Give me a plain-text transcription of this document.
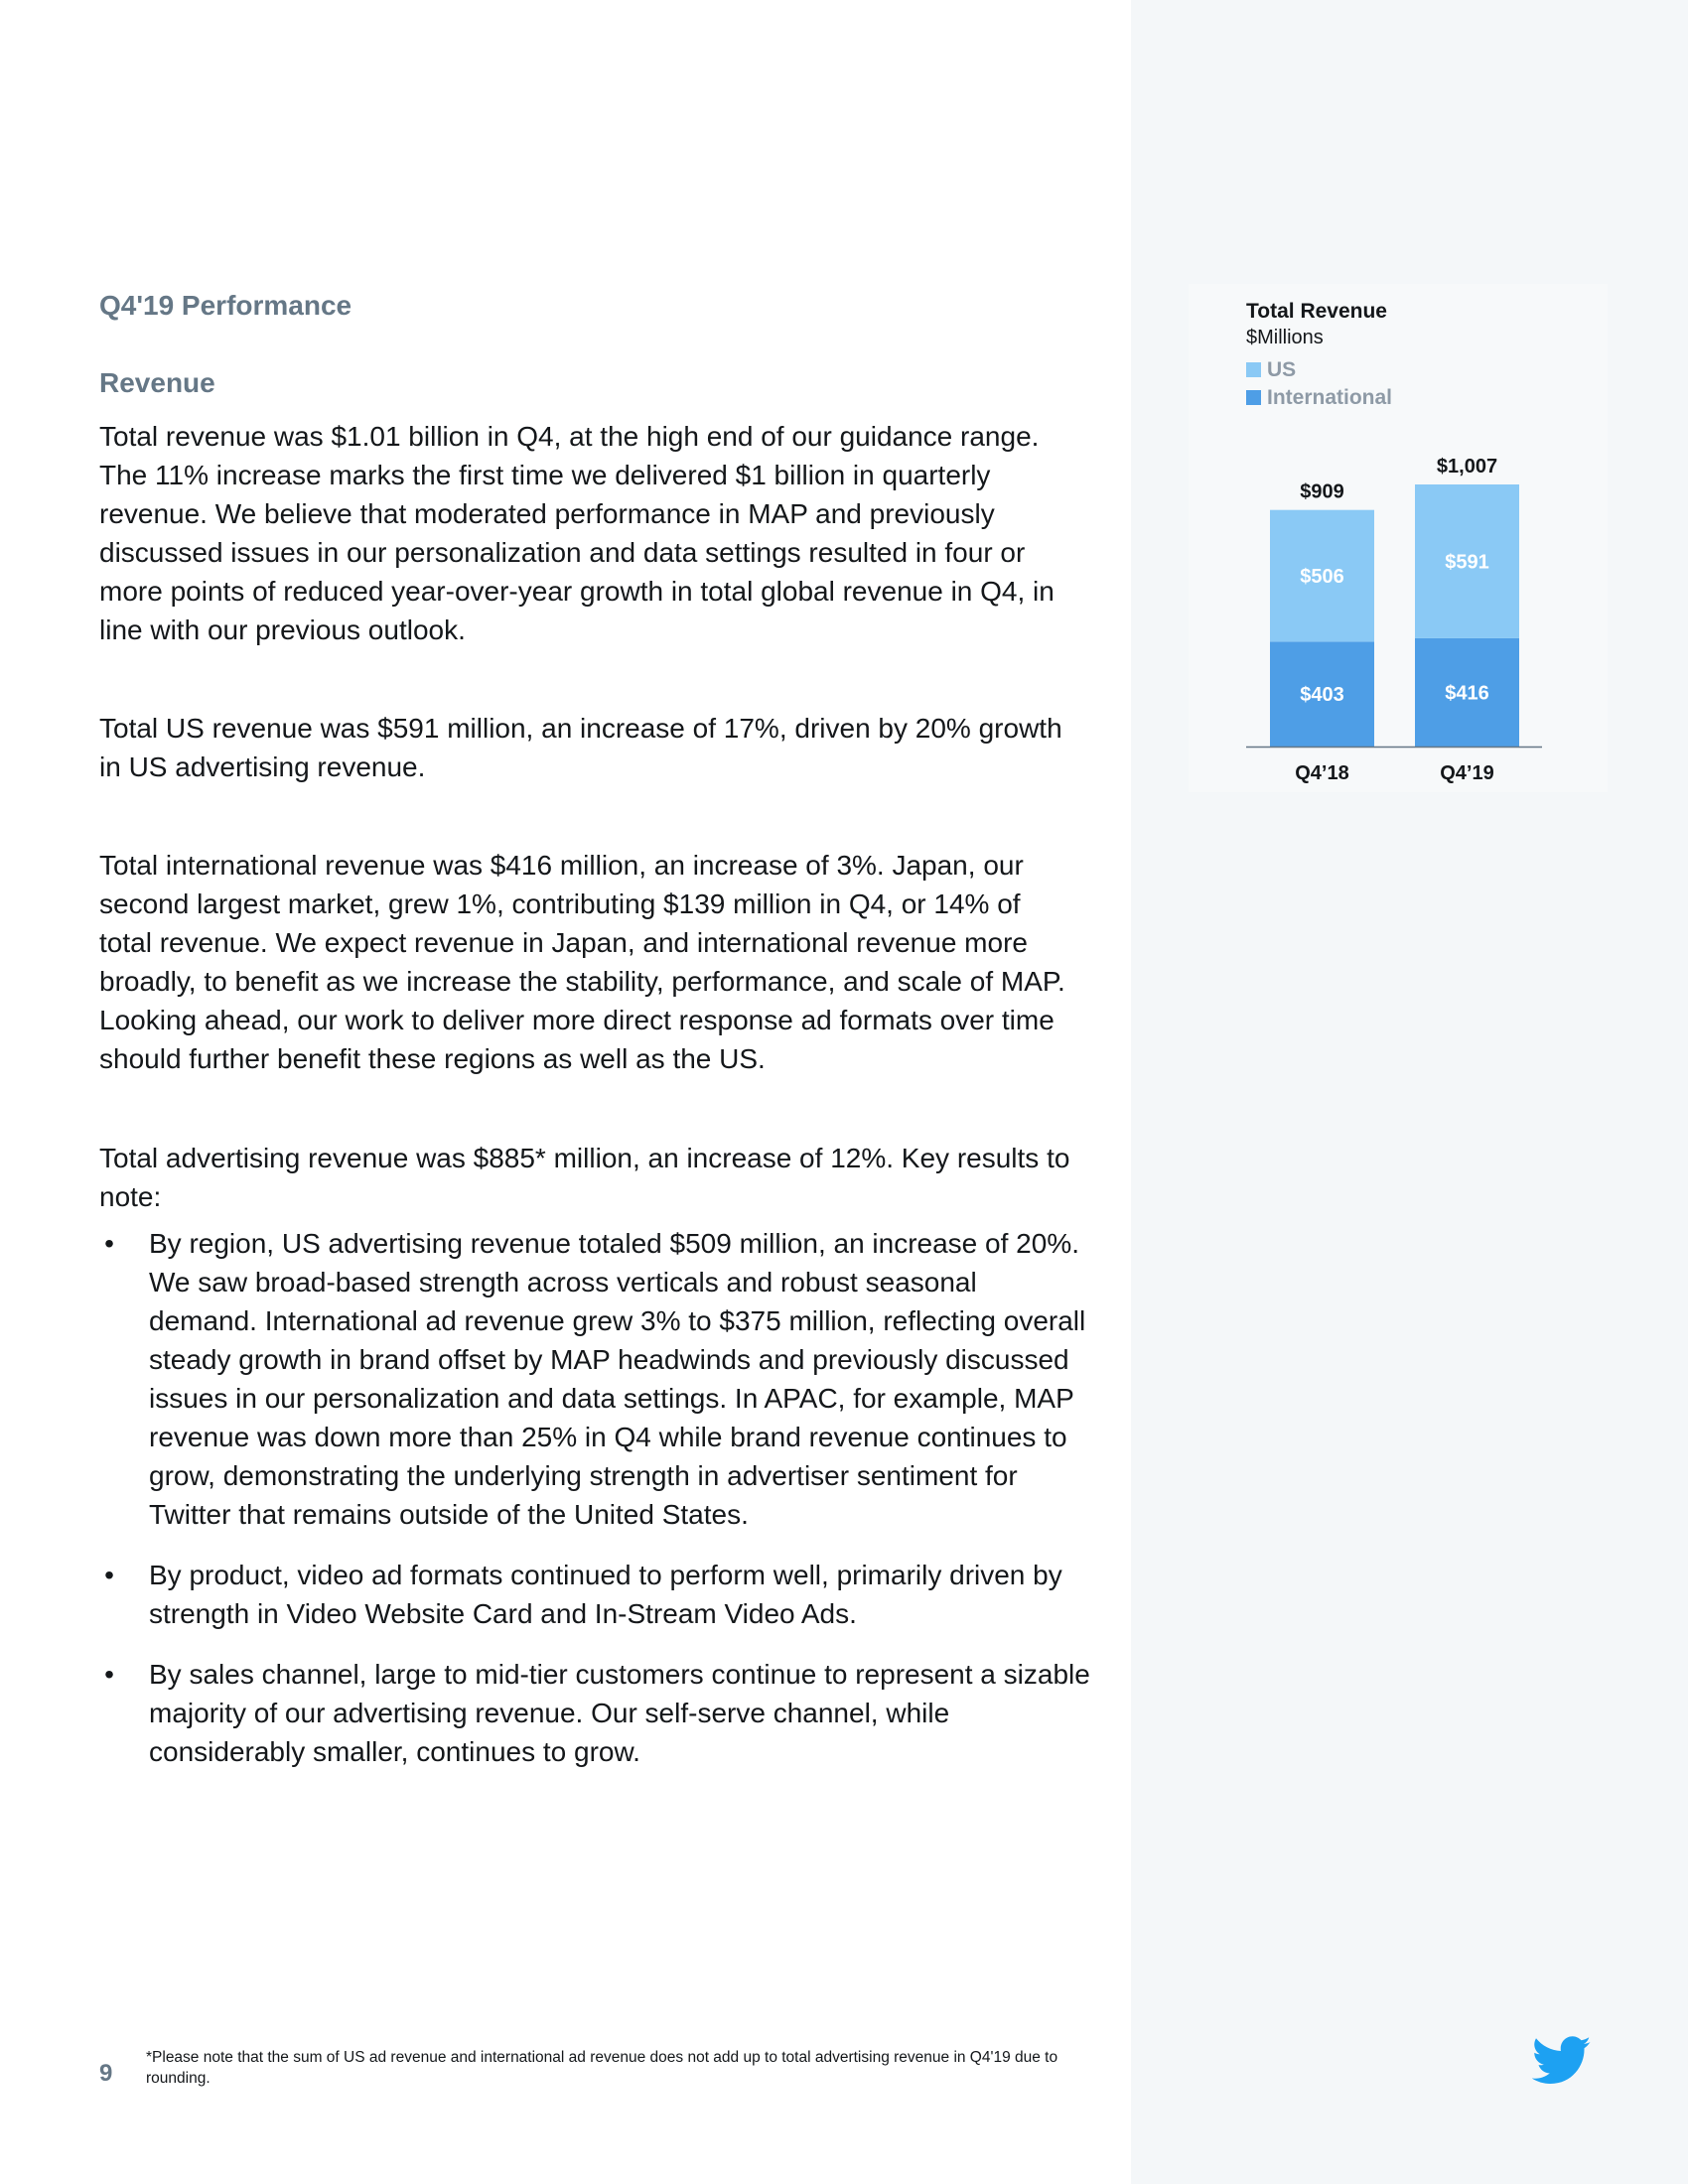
Q4'19 Performance
Revenue

Total revenue was $1.01 billion in Q4, at the high end of our guidance range. The 11% increase marks the first time we delivered $1 billion in quarterly revenue. We believe that moderated performance in MAP and previously discussed issues in our personalization and data settings resulted in four or more points of reduced year-over-year growth in total global revenue in Q4, in line with our previous outlook.

Total US revenue was $591 million, an increase of 17%, driven by 20% growth in US advertising revenue.

Total international revenue was $416 million, an increase of 3%. Japan, our second largest market, grew 1%, contributing $139 million in Q4, or 14% of total revenue. We expect revenue in Japan, and international revenue more broadly, to benefit as we increase the stability, performance, and scale of MAP. Looking ahead, our work to deliver more direct response ad formats over time should further benefit these regions as well as the US.

Total advertising revenue was $885* million, an increase of 12%. Key results to note:

• By region, US advertising revenue totaled $509 million, an increase of 20%. We saw broad-based strength across verticals and robust seasonal demand. International ad revenue grew 3% to $375 million, reflecting overall steady growth in brand offset by MAP headwinds and previously discussed issues in our personalization and data settings. In APAC, for example, MAP revenue was down more than 25% in Q4 while brand revenue continues to grow, demonstrating the underlying strength in advertiser sentiment for Twitter that remains outside of the United States.
• By product, video ad formats continued to perform well, primarily driven by strength in Video Website Card and In-Stream Video Ads.
• By sales channel, large to mid-tier customers continue to represent a sizable majority of our advertising revenue. Our self-serve channel, while considerably smaller, continues to grow.
Total Revenue
$Millions
US
International
$403
$506
$909
Q4’18
$416
$591
$1,007
Q4’19
9
*Please note that the sum of US ad revenue and international ad revenue does not add up to total advertising revenue in Q4'19 due to rounding.
